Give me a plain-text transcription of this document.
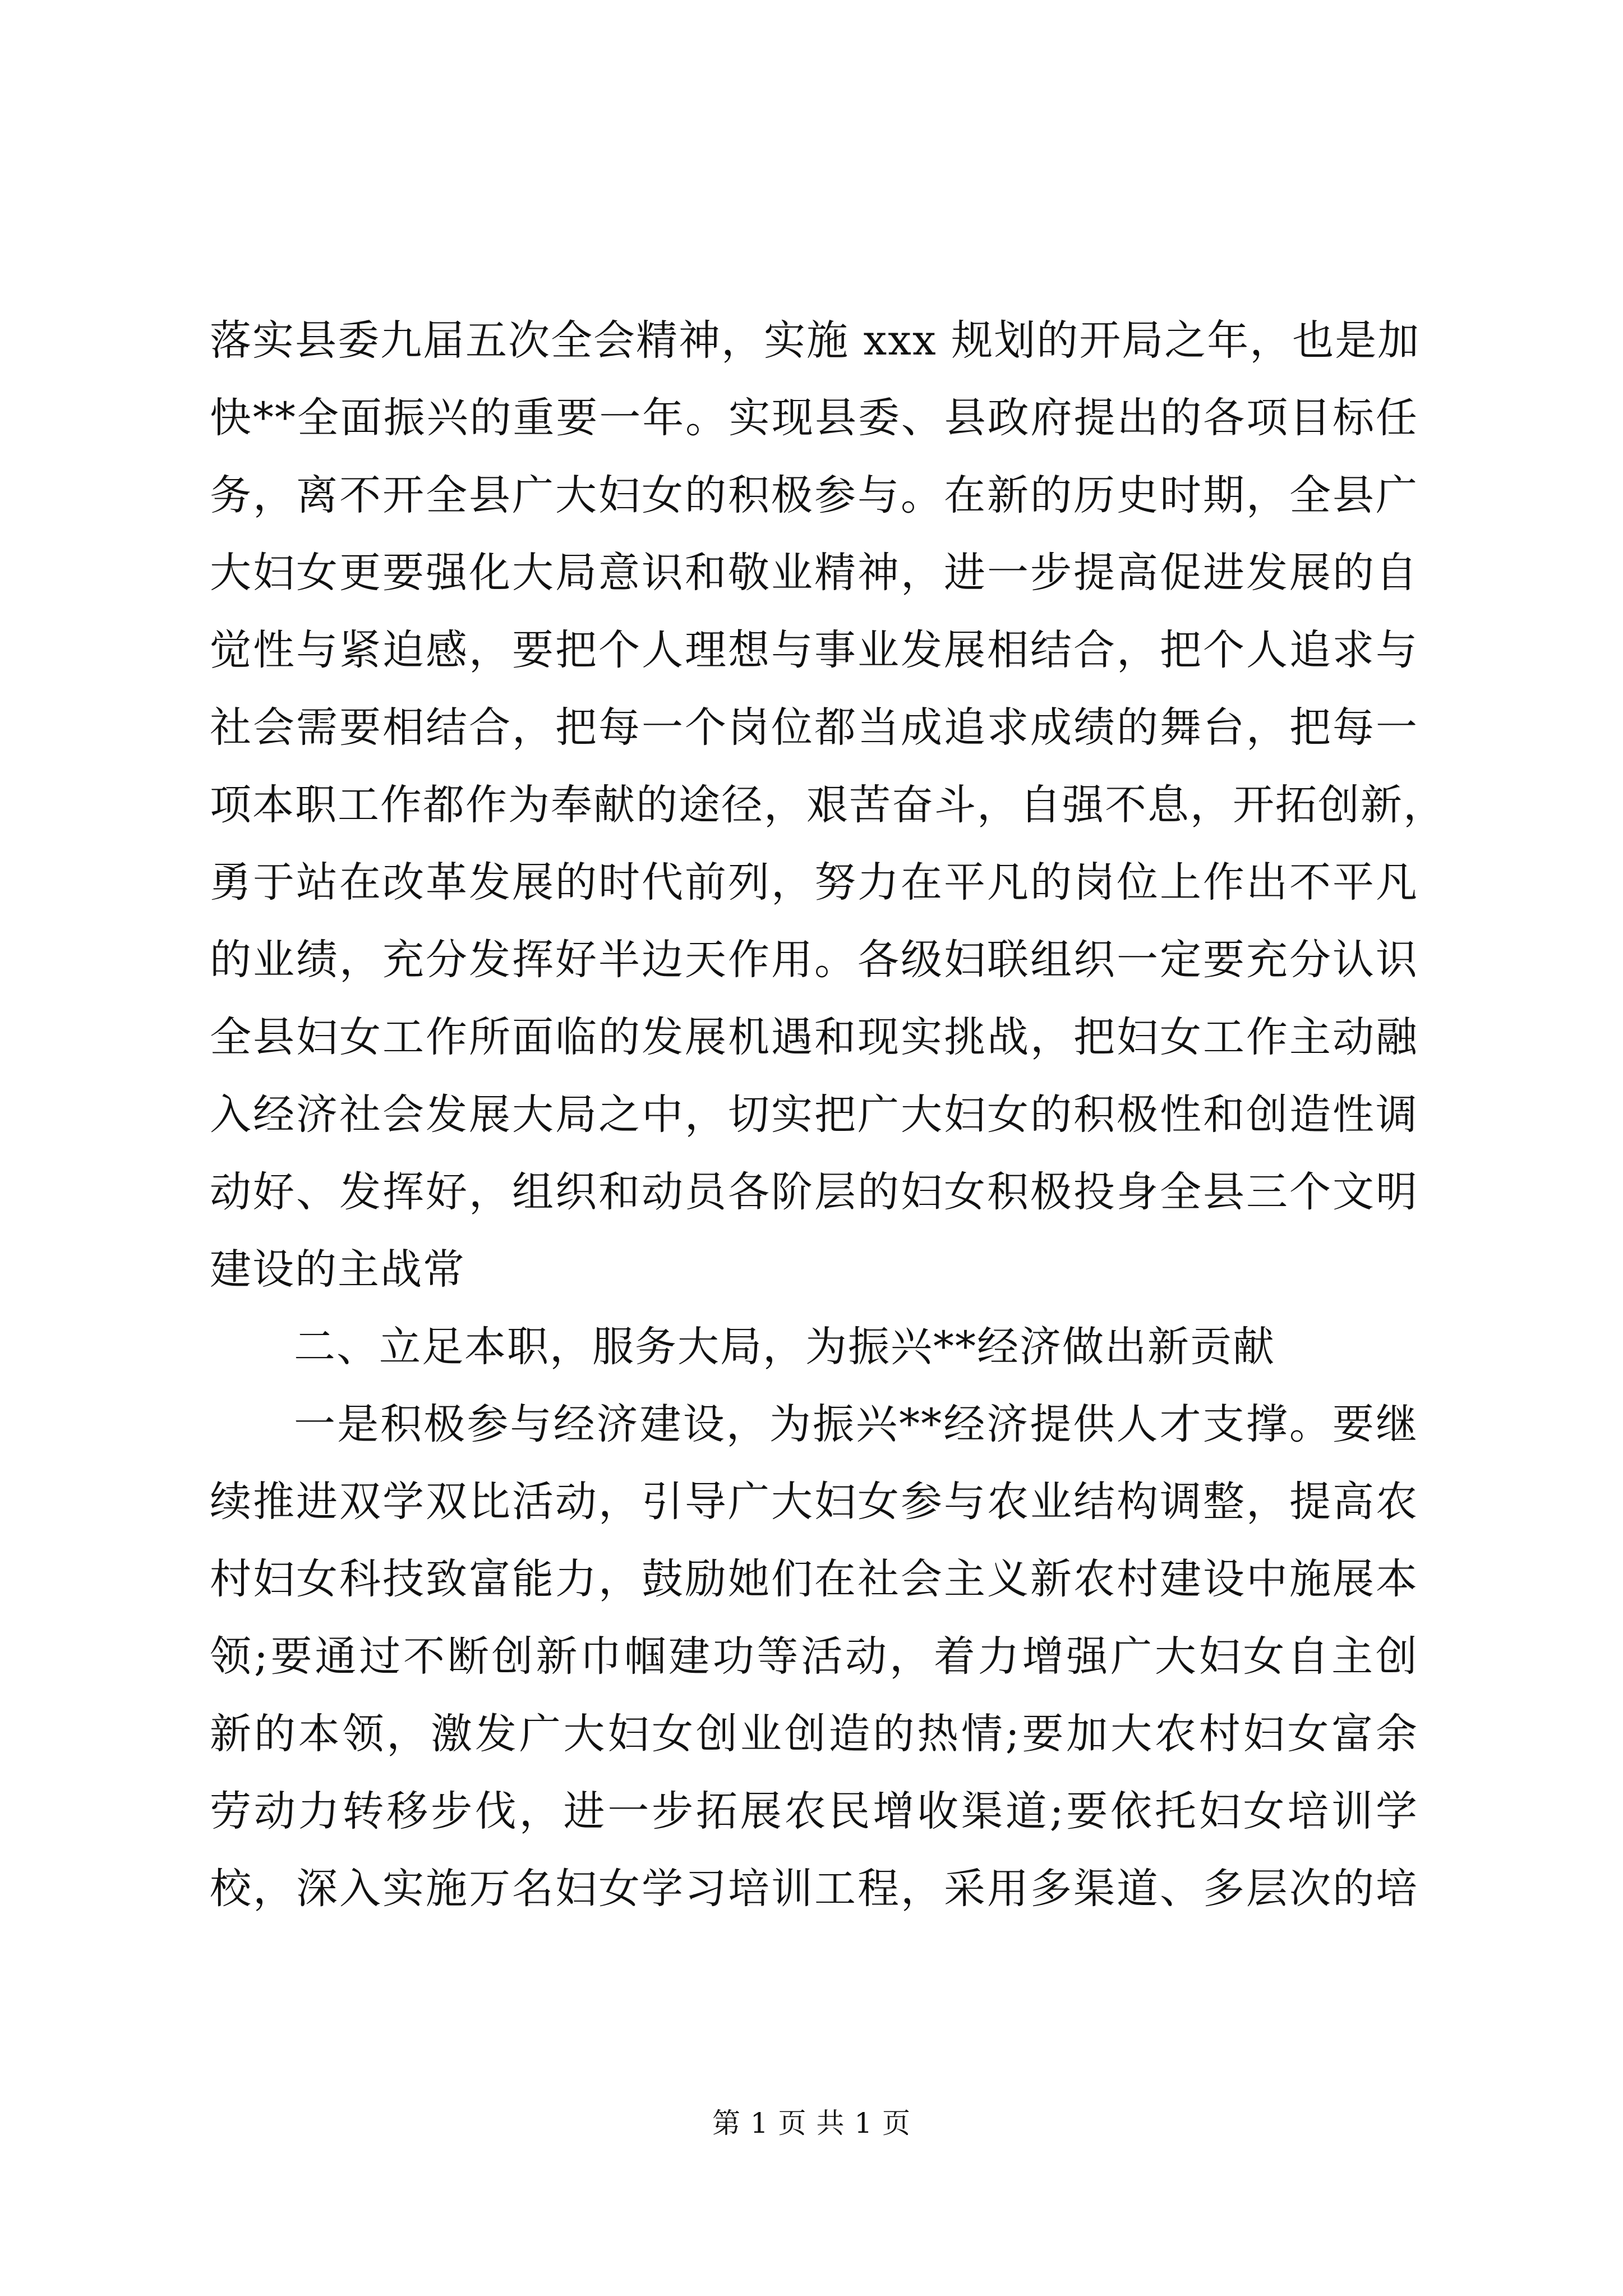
落实县委九届五次全会精神，实施 xxx 规划的开局之年，也是加
快**全面振兴的重要一年。实现县委、县政府提出的各项目标任
务，离不开全县广大妇女的积极参与。在新的历史时期，全县广
大妇女更要强化大局意识和敬业精神，进一步提高促进发展的自
觉性与紧迫感，要把个人理想与事业发展相结合，把个人追求与
社会需要相结合，把每一个岗位都当成追求成绩的舞台，把每一
项本职工作都作为奉献的途径，艰苦奋斗，自强不息，开拓创新，
勇于站在改革发展的时代前列，努力在平凡的岗位上作出不平凡
的业绩，充分发挥好半边天作用。各级妇联组织一定要充分认识
全县妇女工作所面临的发展机遇和现实挑战，把妇女工作主动融
入经济社会发展大局之中，切实把广大妇女的积极性和创造性调
动好、发挥好，组织和动员各阶层的妇女积极投身全县三个文明
建设的主战常
二、立足本职，服务大局，为振兴**经济做出新贡献
一是积极参与经济建设，为振兴**经济提供人才支撑。要继
续推进双学双比活动，引导广大妇女参与农业结构调整，提高农
村妇女科技致富能力，鼓励她们在社会主义新农村建设中施展本
领;要通过不断创新巾帼建功等活动，着力增强广大妇女自主创
新的本领，激发广大妇女创业创造的热情;要加大农村妇女富余
劳动力转移步伐，进一步拓展农民增收渠道;要依托妇女培训学
校，深入实施万名妇女学习培训工程，采用多渠道、多层次的培
第 1 页 共 1 页
